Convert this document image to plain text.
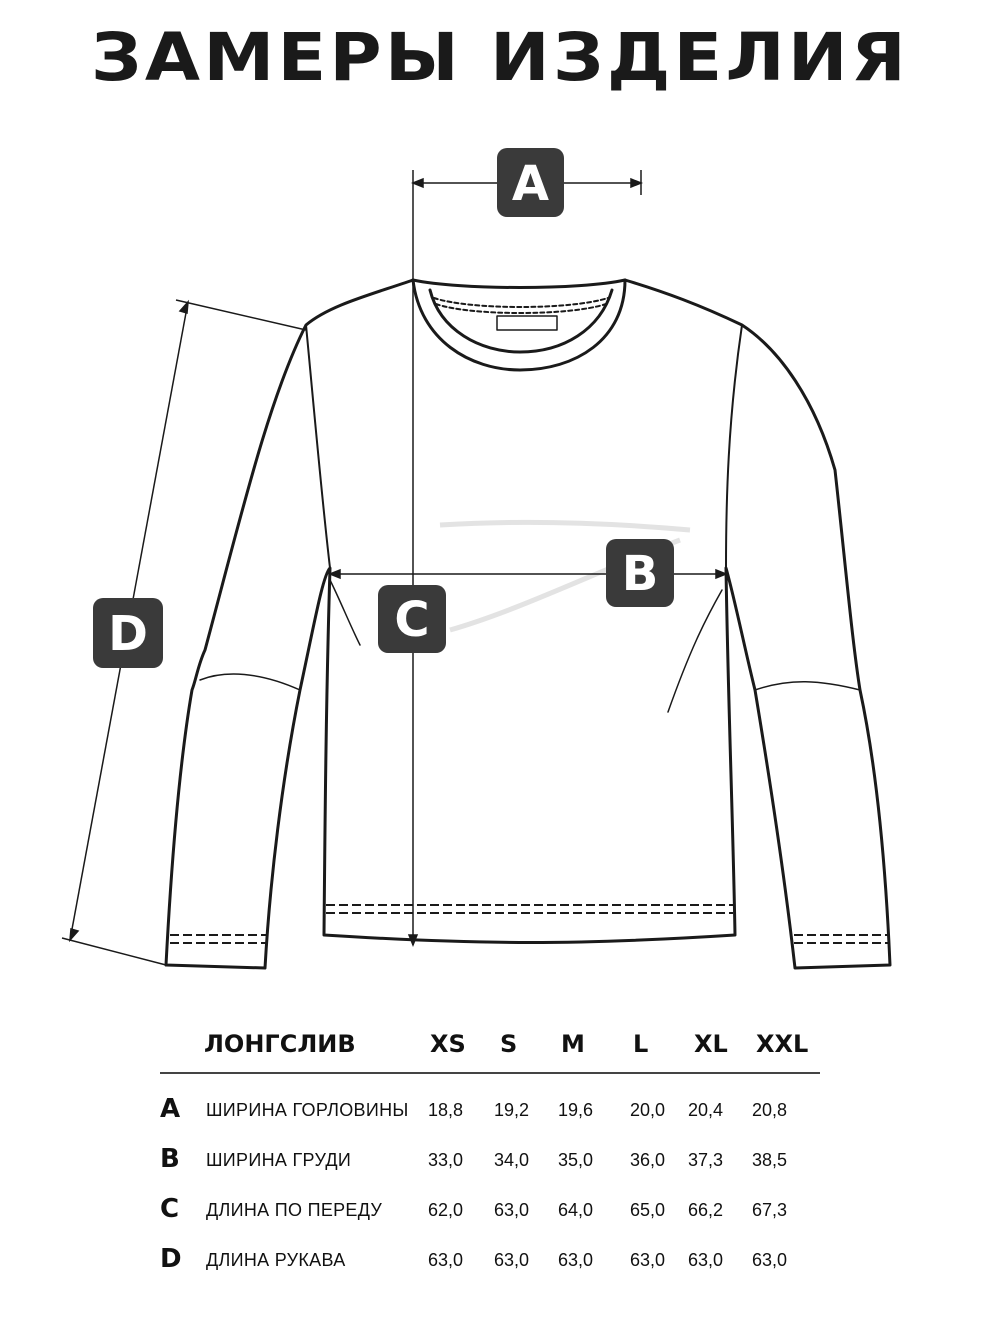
ЗАМЕРЫ ИЗДЕЛИЯ
A
B
C
D
ЛОНГСЛИВ	XS S M L XL XXL
A ШИРИНА ГОРЛОВИНЫ 18,8 19,2 19,6 20,0 20,4 20,8
B ШИРИНА ГРУДИ	33,0 34,0 35,0 36,0 37,3 38,5
C ДЛИНА ПО ПЕРЕДУ	62,0 63,0 64,0 65,0 66,2 67,3
D ДЛИНА РУКАВА	63,0 63,0 63,0 63,0 63,0 63,0
